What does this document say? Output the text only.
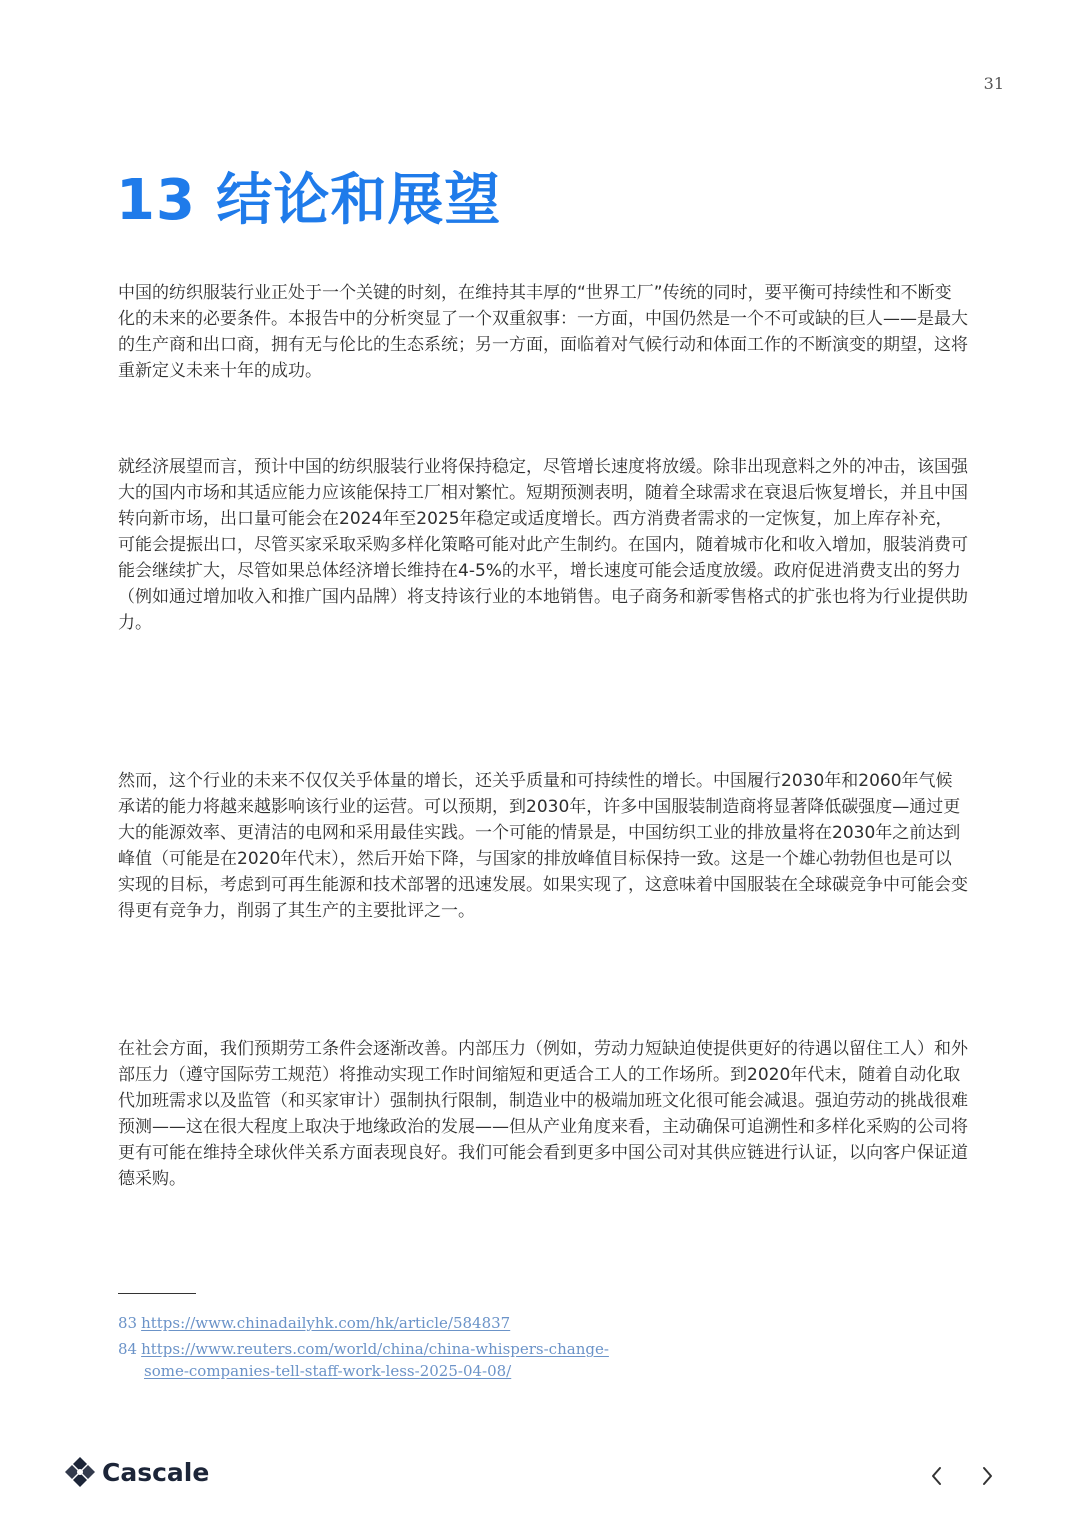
31
13 结论和展望

中国的纺织服装行业正处于一个关键的时刻，在维持其丰厚的“世界工厂”传统的同时，要平衡可持续性和不断变化的未来的必要条件。本报告中的分析突显了一个双重叙事：一方面，中国仍然是一个不可或缺的巨人——是最大的生产商和出口商，拥有无与伦比的生态系统；另一方面，面临着对气候行动和体面工作的不断演变的期望，这将重新定义未来十年的成功。

就经济展望而言，预计中国的纺织服装行业将保持稳定，尽管增长速度将放缓。除非出现意料之外的冲击，该国强大的国内市场和其适应能力应该能保持工厂相对繁忙。短期预测表明，随着全球需求在衰退后恢复增长，并且中国转向新市场，出口量可能会在2024年至2025年稳定或适度增长。西方消费者需求的一定恢复，加上库存补充，可能会提振出口，尽管买家采取采购多样化策略可能对此产生制约。在国内，随着城市化和收入增加，服装消费可能会继续扩大，尽管如果总体经济增长维持在4-5%的水平，增长速度可能会适度放缓。政府促进消费支出的努力（例如通过增加收入和推广国内品牌）将支持该行业的本地销售。电子商务和新零售格式的扩张也将为行业提供助力。

然而，这个行业的未来不仅仅关乎体量的增长，还关乎质量和可持续性的增长。中国履行2030年和2060年气候承诺的能力将越来越影响该行业的运营。可以预期，到2030年，许多中国服装制造商将显著降低碳强度—通过更大的能源效率、更清洁的电网和采用最佳实践。一个可能的情景是，中国纺织工业的排放量将在2030年之前达到峰值（可能是在2020年代末），然后开始下降，与国家的排放峰值目标保持一致。这是一个雄心勃勃但也是可以实现的目标，考虑到可再生能源和技术部署的迅速发展。如果实现了，这意味着中国服装在全球碳竞争中可能会变得更有竞争力，削弱了其生产的主要批评之一。

在社会方面，我们预期劳工条件会逐渐改善。内部压力（例如，劳动力短缺迫使提供更好的待遇以留住工人）和外部压力（遵守国际劳工规范）将推动实现工作时间缩短和更适合工人的工作场所。到2020年代末，随着自动化取代加班需求以及监管（和买家审计）强制执行限制，制造业中的极端加班文化很可能会减退。强迫劳动的挑战很难预测——这在很大程度上取决于地缘政治的发展——但从产业角度来看，主动确保可追溯性和多样化采购的公司将更有可能在维持全球伙伴关系方面表现良好。我们可能会看到更多中国公司对其供应链进行认证，以向客户保证道德采购。

83 https://www.chinadailyhk.com/hk/article/584837

84 https://www.reuters.com/world/china/china-whispers-change-
some-companies-tell-staff-work-less-2025-04-08/

Cascale
